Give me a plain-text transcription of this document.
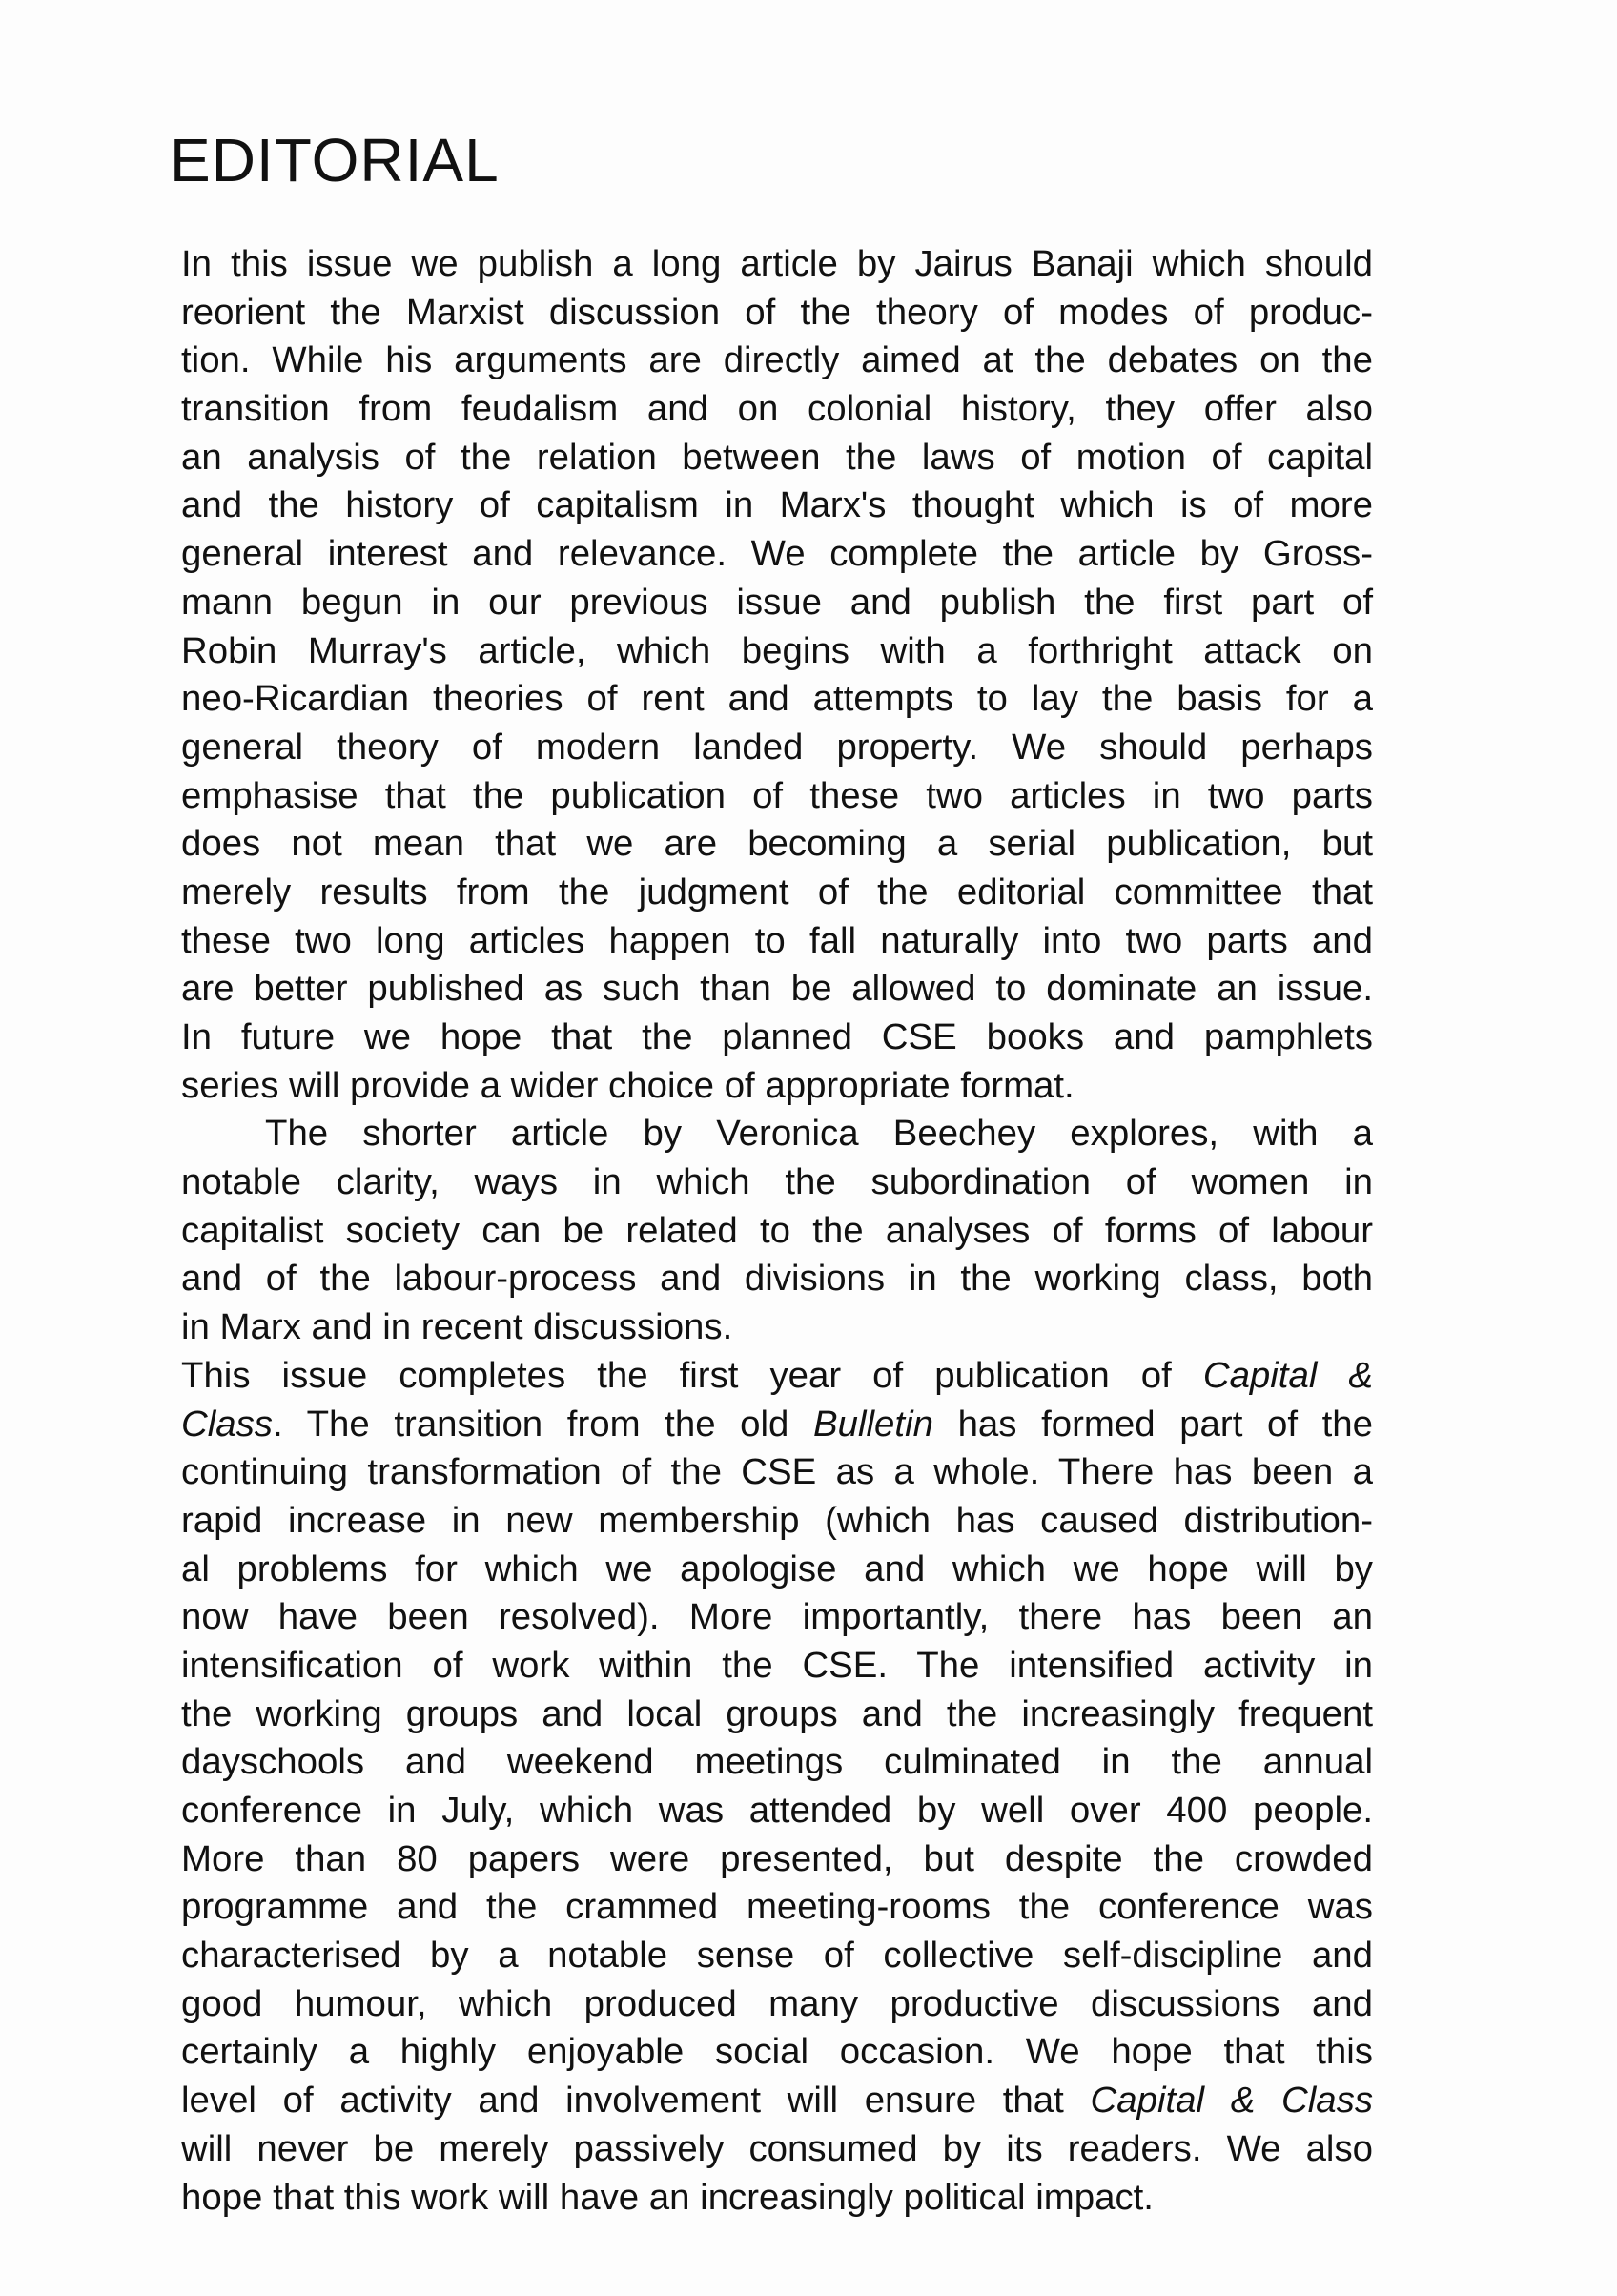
EDITORIAL
In this issue we publish a long article by Jairus Banaji which should
reorient the Marxist discussion of the theory of modes of produc-
tion. While his arguments are directly aimed at the debates on the
transition from feudalism and on colonial history, they offer also
an analysis of the relation between the laws of motion of capital
and the history of capitalism in Marx's thought which is of more
general interest and relevance. We complete the article by Gross-
mann begun in our previous issue and publish the first part of
Robin Murray's article, which begins with a forthright attack on
neo-Ricardian theories of rent and attempts to lay the basis for a
general theory of modern landed property. We should perhaps
emphasise that the publication of these two articles in two parts
does not mean that we are becoming a serial publication, but
merely results from the judgment of the editorial committee that
these two long articles happen to fall naturally into two parts and
are better published as such than be allowed to dominate an issue.
In future we hope that the planned CSE books and pamphlets
series will provide a wider choice of appropriate format.
The shorter article by Veronica Beechey explores, with a
notable clarity, ways in which the subordination of women in
capitalist society can be related to the analyses of forms of labour
and of the labour-process and divisions in the working class, both
in Marx and in recent discussions.
This issue completes the first year of publication of Capital &
Class. The transition from the old Bulletin has formed part of the
continuing transformation of the CSE as a whole. There has been a
rapid increase in new membership (which has caused distribution-
al problems for which we apologise and which we hope will by
now have been resolved). More importantly, there has been an
intensification of work within the CSE. The intensified activity in
the working groups and local groups and the increasingly frequent
dayschools and weekend meetings culminated in the annual
conference in July, which was attended by well over 400 people.
More than 80 papers were presented, but despite the crowded
programme and the crammed meeting-rooms the conference was
characterised by a notable sense of collective self-discipline and
good humour, which produced many productive discussions and
certainly a highly enjoyable social occasion. We hope that this
level of activity and involvement will ensure that Capital & Class
will never be merely passively consumed by its readers. We also
hope that this work will have an increasingly political impact.
